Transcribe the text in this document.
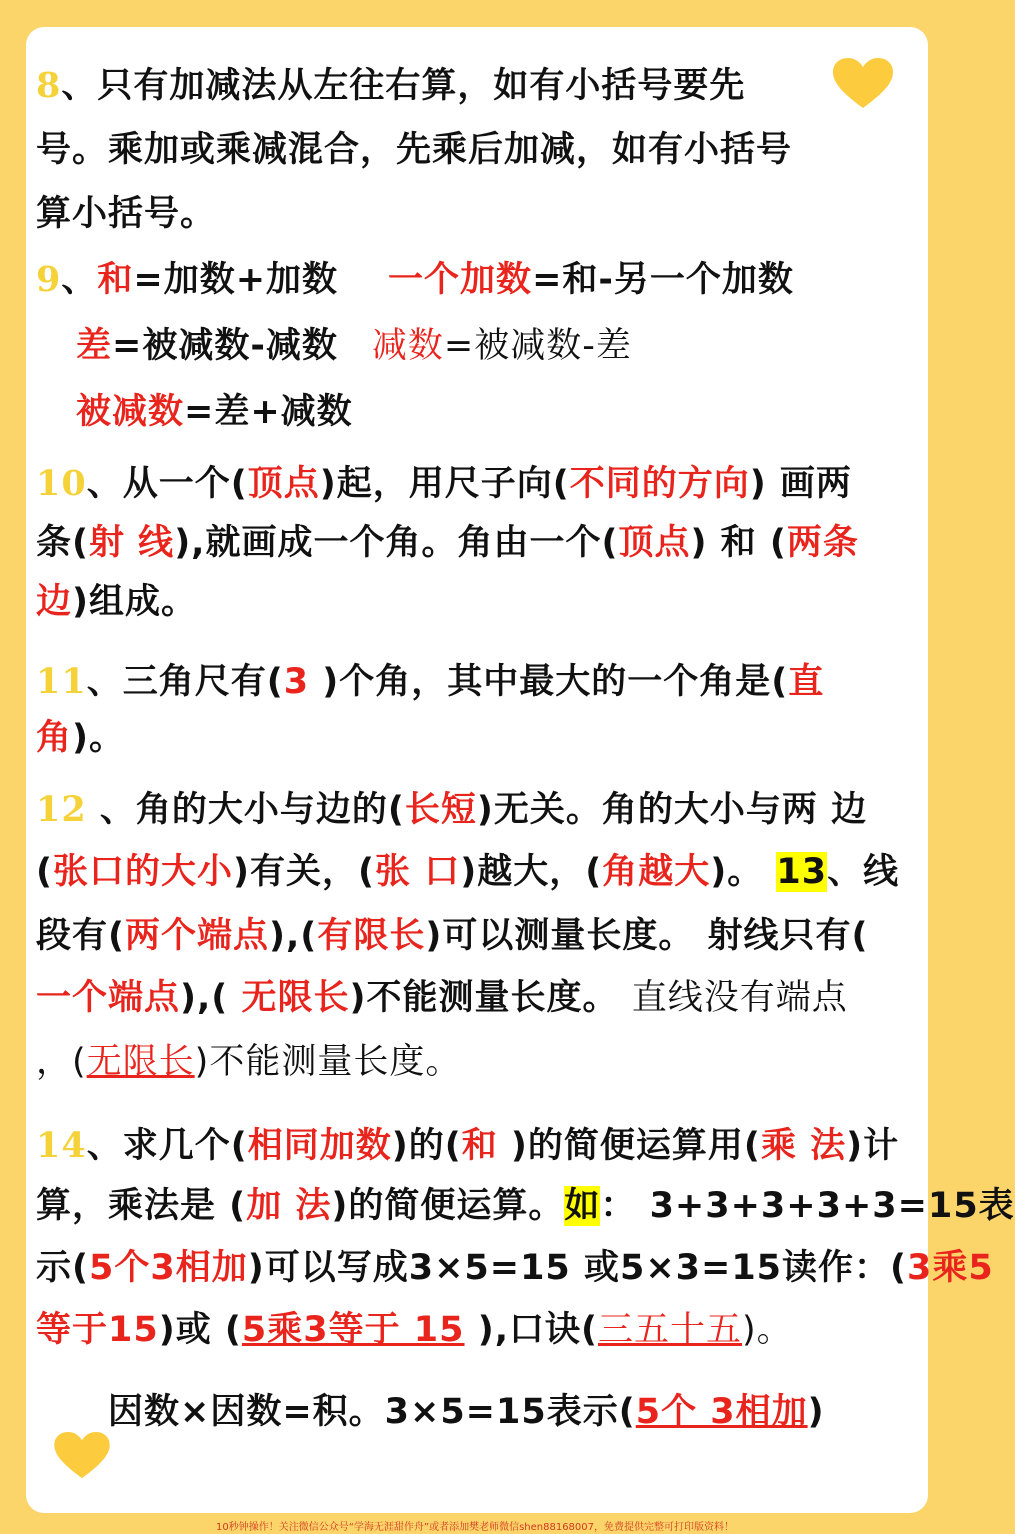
8、只有加减法从左往右算，如有小括号要先
号。乘加或乘减混合，先乘后加减，如有小括号
算小括号。
9、和=加数+加数 一个加数=和-另一个加数
差=被减数-减数 减数=被减数-差
被减数=差+减数
10、从一个(顶点)起，用尺子向(不同的方向) 画两
条(射 线),就画成一个角。角由一个(顶点) 和 (两条
边)组成。
11、三角尺有(3 )个角，其中最大的一个角是(直
角)。
12 、角的大小与边的(长短)无关。角的大小与两 边
(张口的大小)有关，(张 口)越大，(角越大)。 13、线
段有(两个端点),(有限长)可以测量长度。 射线只有(
一个端点),( 无限长)不能测量长度。 直线没有端点
，(无限长)不能测量长度。
14、求几个(相同加数)的(和 )的简便运算用(乘 法)计
算，乘法是 (加 法)的简便运算。如： 3+3+3+3+3=15表
示(5个3相加)可以写成3×5=15 或5×3=15读作：(3乘5
等于15)或 (5乘3等于 15 ),口诀(三五十五)。
因数×因数=积。3×5=15表示(5个 3相加)
10秒钟操作！关注微信公众号“学海无涯甜作舟”或者添加樊老师微信shen88168007，免费提供完整可打印版资料！
